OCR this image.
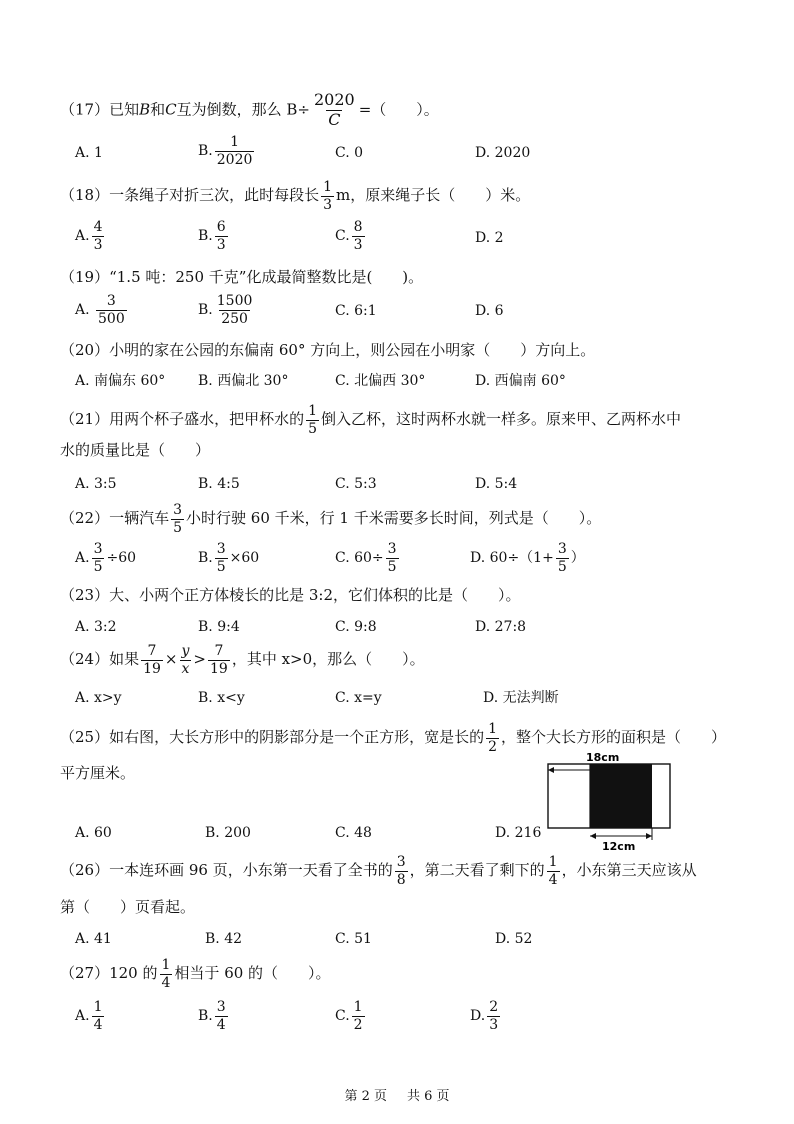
（17）已知B和C互为倒数，那么 $B\div \frac{2020}{C}$ =（　　）。
A. 1	B. $\frac{1}{2020}$	C. 0	D. 2020
（18）一条绳子对折三次，此时每段长 $\frac{1}{3}$ m，原来绳子长（　　）米。
A. $\frac{4}{3}$	B. $\frac{6}{3}$	C. $\frac{8}{3}$	D. 2
（19）“1.5 吨：250 千克”化成最简整数比是(　　)。
A. $\frac{3}{500}$	B. $\frac{1500}{250}$	C. 6:1	D. 6
（20）小明的家在公园的东偏南 60° 方向上，则公园在小明家（　　）方向上。
A. 南偏东 60° B. 西偏北 30°	C. 北偏西 30°	D. 西偏南 60°
（21）用两个杯子盛水，把甲杯水的 $\frac{1}{5}$ 倒入乙杯，这时两杯水就一样多。原来甲、乙两杯水中
水的质量比是（　　）
A. 3:5	B. 4:5	C. 5:3	D. 5:4
（22）一辆汽车 $\frac{3}{5}$ 小时行驶 60 千米，行 1 千米需要多长时间，列式是（　　）。
A. $\frac{3}{5} \div 60$	B. $\frac{3}{5} \times 60$	C. $60\div \frac{3}{5}$	D. $60\div(1+ \frac{3}{5}$ ）
（23）大、小两个正方体棱长的比是 3:2，它们体积的比是（　　）。
A. 3:2	B. 9:4	C. 9:8	D. 27:8
（24）如果 $\frac{7}{19} \times \frac{y}{x} > \frac{7}{19}$ ，其中 x>0，那么（　　）。
A. x>y	B. x<y	C. x=y	D. 无法判断
（25）如右图，大长方形中的阴影部分是一个正方形，宽是长的 $\frac{1}{2}$ ，整个大长方形的面积是（　　）
平方厘米。
18cm
12cm
A. 60	B. 200	C. 48	D. 216
（26）一本连环画 96 页，小东第一天看了全书的 $\frac{3}{8}$ ，第二天看了剩下的 $\frac{1}{4}$ ，小东第三天应该从
第（　　）页看起。
A. 41	B. 42	C. 51	D. 52
（27）120 的 $\frac{1}{4}$ 相当于 60 的（　　）。
A. $\frac{1}{4}$	B. $\frac{3}{4}$	C. $\frac{1}{2}$	D. $\frac{2}{3}$
第 2 页 共 6 页
